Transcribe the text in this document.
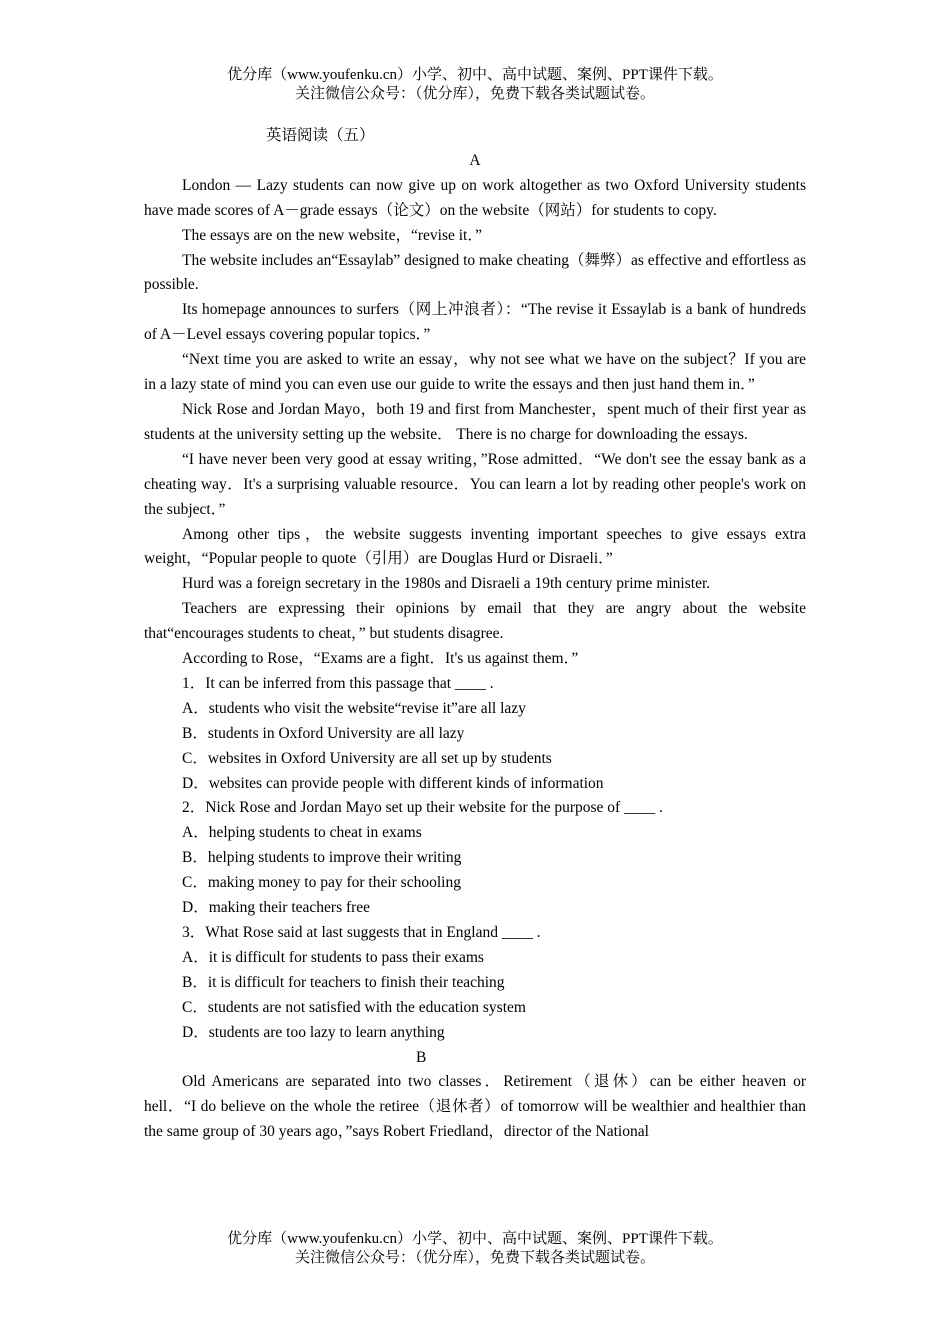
优分库（www.youfenku.cn）小学、初中、高中试题、案例、PPT课件下载。
关注微信公众号：（优分库），免费下载各类试题试卷。
英语阅读（五）
A

London — Lazy students can now give up on work altogether as two Oxford University students have made scores of A－grade essays（论文）on the website（网站）for students to copy.

The essays are on the new website，“revise it．”

The website includes an“Essaylab” designed to make cheating（舞弊）as effective and effortless as possible.

Its homepage announces to surfers（网上冲浪者）：“The revise it Essaylab is a bank of hundreds of A－Level essays covering popular topics．”

“Next time you are asked to write an essay，why not see what we have on the subject？If you are in a lazy state of mind you can even use our guide to write the essays and then just hand them in．”

Nick Rose and Jordan Mayo，both 19 and first from Manchester，spent much of their first year as students at the university setting up the website． There is no charge for downloading the essays.

“I have never been very good at essay writing，”Rose admitted．“We don't see the essay bank as a cheating way．It's a surprising valuable resource．You can learn a lot by reading other people's work on the subject．”

Among other tips，the website suggests inventing important speeches to give essays extra weight，“Popular people to quote（引用）are Douglas Hurd or Disraeli．”

Hurd was a foreign secretary in the 1980s and Disraeli a 19th century prime minister.

Teachers are expressing their opinions by email that they are angry about the website that“encourages students to cheat，” but students disagree.

According to Rose，“Exams are a fight．It's us against them．”

1．It can be inferred from this passage that ____ .

A．students who visit the website“revise it”are all lazy

B．students in Oxford University are all lazy

C．websites in Oxford University are all set up by students

D．websites can provide people with different kinds of information

2．Nick Rose and Jordan Mayo set up their website for the purpose of ____ .

A．helping students to cheat in exams

B．helping students to improve their writing

C．making money to pay for their schooling

D．making their teachers free

3．What Rose said at last suggests that in England ____ .

A．it is difficult for students to pass their exams

B．it is difficult for teachers to finish their teaching

C．students are not satisfied with the education system

D．students are too lazy to learn anything

B

Old Americans are separated into two classes．Retirement（退休）can be either heaven or hell．“I do believe on the whole the retiree（退休者）of tomorrow will be wealthier and healthier than the same group of 30 years ago，”says Robert Friedland，director of the National

优分库（www.youfenku.cn）小学、初中、高中试题、案例、PPT课件下载。
关注微信公众号：（优分库），免费下载各类试题试卷。
